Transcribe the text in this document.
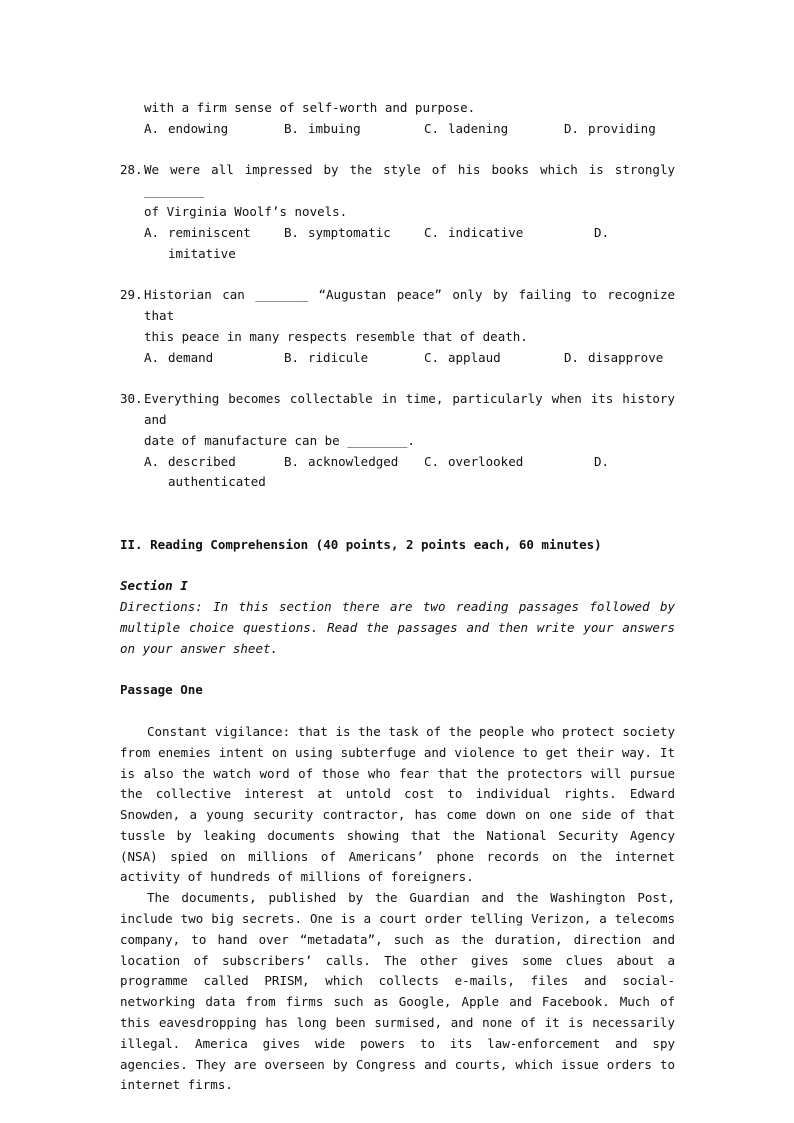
with a firm sense of self-worth and purpose.
A. endowing	B. imbuing	C. ladening	D. providing
28. We were all impressed by the style of his books which is strongly ________
of Virginia Woolf’s novels.
A. reminiscent	B. symptomatic	C. indicative	D.
imitative
29. Historian can _______ “Augustan peace” only by failing to recognize that
this peace in many respects resemble that of death.
A. demand	B. ridicule	C. applaud	D. disapprove
30. Everything becomes collectable in time, particularly when its history and
date of manufacture can be ________.
A. described	B. acknowledged	C. overlooked	D.
authenticated
II. Reading Comprehension (40 points, 2 points each, 60 minutes)
Section I
Directions: In this section there are two reading passages followed by multiple choice questions. Read the passages and then write your answers on your answer sheet.
Passage One
Constant vigilance: that is the task of the people who protect society from enemies intent on using subterfuge and violence to get their way. It is also the watch word of those who fear that the protectors will pursue the collective interest at untold cost to individual rights. Edward Snowden, a young security contractor, has come down on one side of that tussle by leaking documents showing that the National Security Agency (NSA) spied on millions of Americans’ phone records on the internet activity of hundreds of millions of foreigners.
The documents, published by the Guardian and the Washington Post, include two big secrets. One is a court order telling Verizon, a telecoms company, to hand over “metadata”, such as the duration, direction and location of subscribers’ calls. The other gives some clues about a programme called PRISM, which collects e-mails, files and social-networking data from firms such as Google, Apple and Facebook. Much of this eavesdropping has long been surmised, and none of it is necessarily illegal. America gives wide powers to its law-enforcement and spy agencies. They are overseen by Congress and courts, which issue orders to internet firms.
